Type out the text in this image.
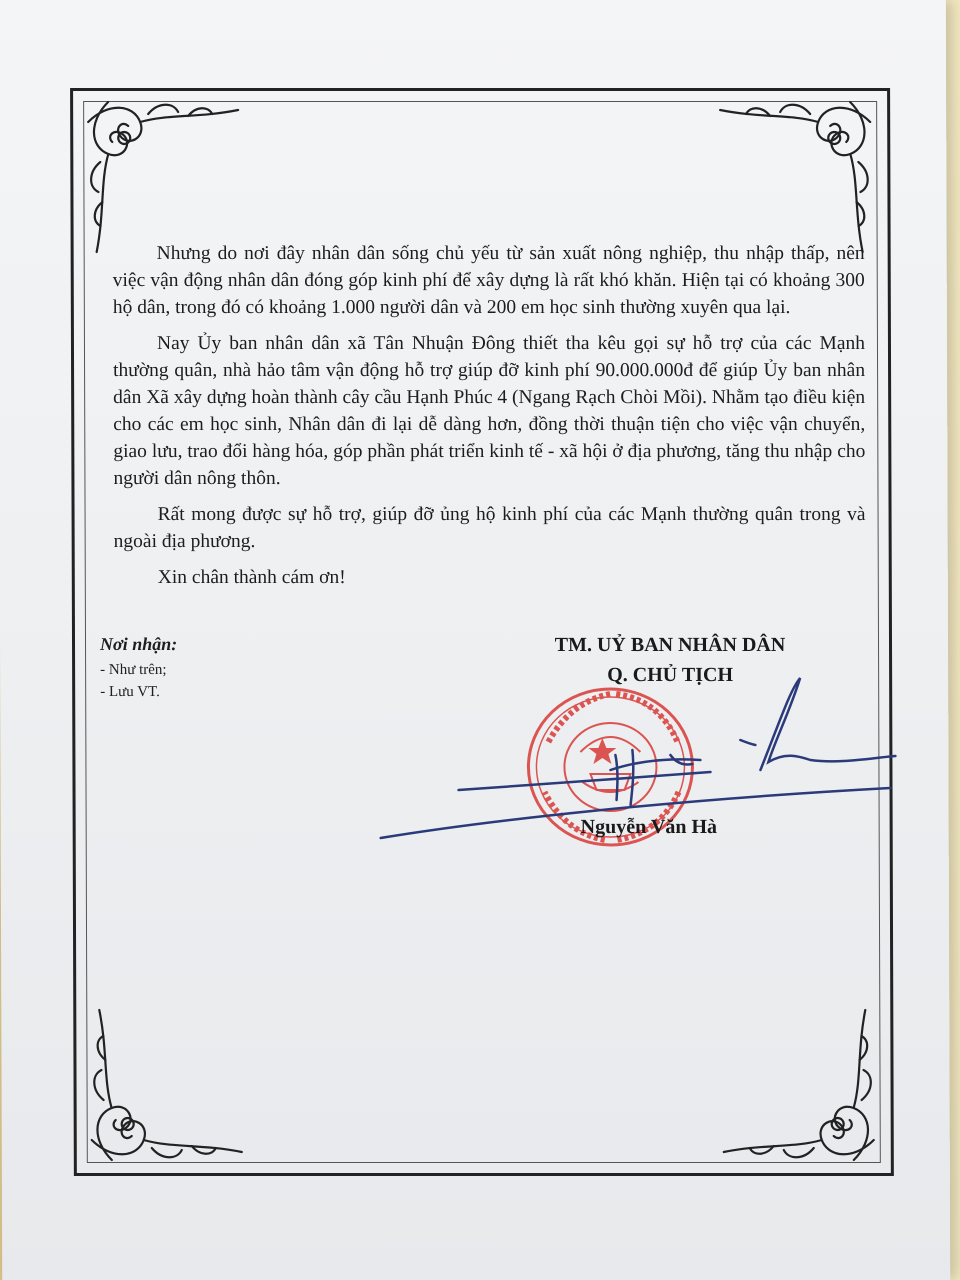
Nhưng do nơi đây nhân dân sống chủ yếu từ sản xuất nông nghiệp, thu nhập thấp, nên việc vận động nhân dân đóng góp kinh phí để xây dựng là rất khó khăn. Hiện tại có khoảng 300 hộ dân, trong đó có khoảng 1.000 người dân và 200 em học sinh thường xuyên qua lại.

Nay Ủy ban nhân dân xã Tân Nhuận Đông thiết tha kêu gọi sự hỗ trợ của các Mạnh thường quân, nhà hảo tâm vận động hỗ trợ giúp đỡ kinh phí 90.000.000đ để giúp Ủy ban nhân dân Xã xây dựng hoàn thành cây cầu Hạnh Phúc 4 (Ngang Rạch Chòi Mồi). Nhằm tạo điều kiện cho các em học sinh, Nhân dân đi lại dễ dàng hơn, đồng thời thuận tiện cho việc vận chuyển, giao lưu, trao đổi hàng hóa, góp phần phát triển kinh tế - xã hội ở địa phương, tăng thu nhập cho người dân nông thôn.

Rất mong được sự hỗ trợ, giúp đỡ ủng hộ kinh phí của các Mạnh thường quân trong và ngoài địa phương.

Xin chân thành cám ơn!

Nơi nhận:
- Như trên;
- Lưu VT.
TM. UỶ BAN NHÂN DÂN
Q. CHỦ TỊCH
Nguyễn Văn Hà
